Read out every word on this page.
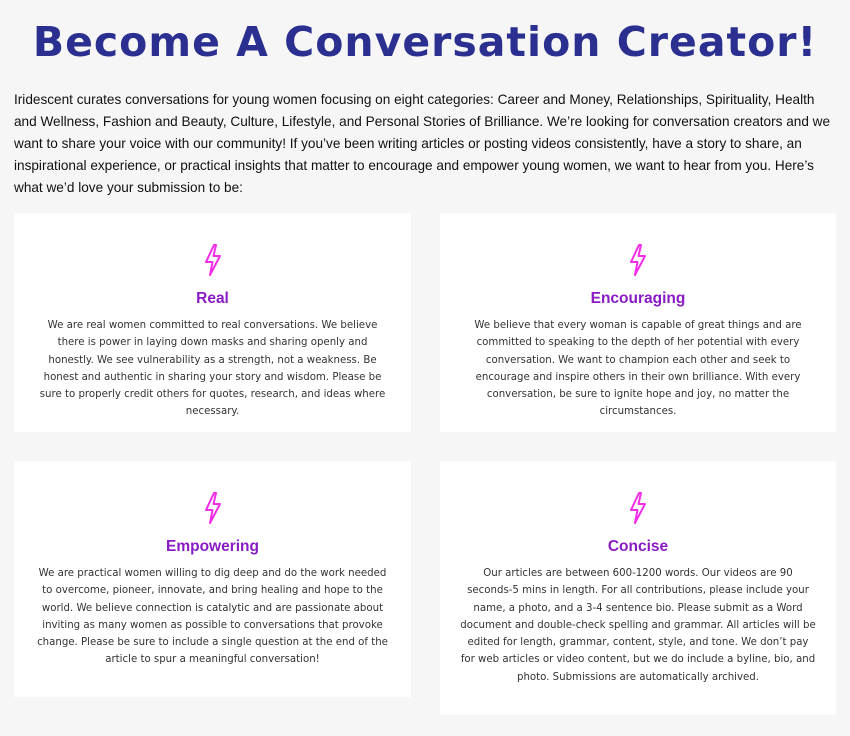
Become A Conversation Creator!

Iridescent curates conversations for young women focusing on eight categories: Career and Money, Relationships, Spirituality, Health and Wellness, Fashion and Beauty, Culture, Lifestyle, and Personal Stories of Brilliance. We’re looking for conversation creators and we want to share your voice with our community! If you’ve been writing articles or posting videos consistently, have a story to share, an inspirational experience, or practical insights that matter to encourage and empower young women, we want to hear from you. Here’s what we’d love your submission to be:

Real
We are real women committed to real conversations. We believe there is power in laying down masks and sharing openly and honestly. We see vulnerability as a strength, not a weakness. Be honest and authentic in sharing your story and wisdom. Please be sure to properly credit others for quotes, research, and ideas where necessary.
Encouraging
We believe that every woman is capable of great things and are committed to speaking to the depth of her potential with every conversation. We want to champion each other and seek to encourage and inspire others in their own brilliance. With every conversation, be sure to ignite hope and joy, no matter the circumstances.
Empowering
We are practical women willing to dig deep and do the work needed to overcome, pioneer, innovate, and bring healing and hope to the world. We believe connection is catalytic and are passionate about inviting as many women as possible to conversations that provoke change. Please be sure to include a single question at the end of the article to spur a meaningful conversation!
Concise
Our articles are between 600-1200 words. Our videos are 90 seconds-5 mins in length. For all contributions, please include your name, a photo, and a 3-4 sentence bio. Please submit as a Word document and double-check spelling and grammar. All articles will be edited for length, grammar, content, style, and tone. We don’t pay for web articles or video content, but we do include a byline, bio, and photo. Submissions are automatically archived.
